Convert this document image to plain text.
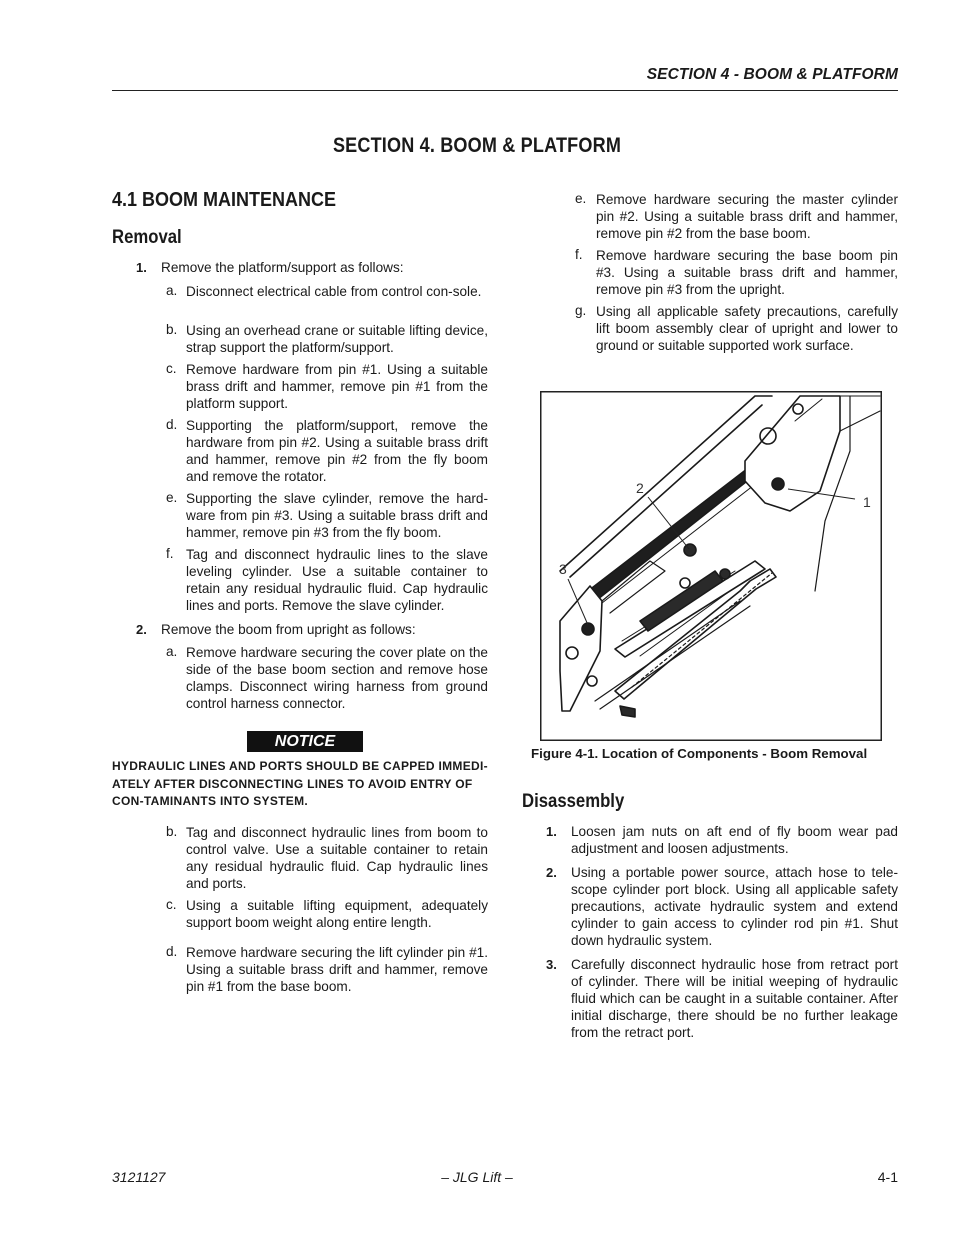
SECTION 4 - BOOM & PLATFORM
SECTION 4. BOOM & PLATFORM
4.1 BOOM MAINTENANCE
Removal
1. Remove the platform/support as follows:
a. Disconnect electrical cable from control con-sole.
b. Using an overhead crane or suitable lifting device, strap support the platform/support.
c. Remove hardware from pin #1. Using a suitable brass drift and hammer, remove pin #1 from the platform support.
d. Supporting the platform/support, remove the hardware from pin #2. Using a suitable brass drift and hammer, remove pin #2 from the fly boom and remove the rotator.
e. Supporting the slave cylinder, remove the hard-ware from pin #3. Using a suitable brass drift and hammer, remove pin #3 from the fly boom.
f. Tag and disconnect hydraulic lines to the slave leveling cylinder. Use a suitable container to retain any residual hydraulic fluid. Cap hydraulic lines and ports. Remove the slave cylinder.
2. Remove the boom from upright as follows:
a. Remove hardware securing the cover plate on the side of the base boom section and remove hose clamps. Disconnect wiring harness from ground control harness connector.
NOTICE
HYDRAULIC LINES AND PORTS SHOULD BE CAPPED IMMEDI-ATELY AFTER DISCONNECTING LINES TO AVOID ENTRY OF CON-TAMINANTS INTO SYSTEM.
b. Tag and disconnect hydraulic lines from boom to control valve. Use a suitable container to retain any residual hydraulic fluid. Cap hydraulic lines and ports.
c. Using a suitable lifting equipment, adequately support boom weight along entire length.
d. Remove hardware securing the lift cylinder pin #1. Using a suitable brass drift and hammer, remove pin #1 from the base boom.
e. Remove hardware securing the master cylinder pin #2. Using a suitable brass drift and hammer, remove pin #2 from the base boom.
f. Remove hardware securing the base boom pin #3. Using a suitable brass drift and hammer, remove pin #3 from the upright.
g. Using all applicable safety precautions, carefully lift boom assembly clear of upright and lower to ground or suitable supported work surface.
1
2
3
Figure 4-1. Location of Components - Boom Removal
Disassembly
1. Loosen jam nuts on aft end of fly boom wear pad adjustment and loosen adjustments.
2. Using a portable power source, attach hose to tele-scope cylinder port block. Using all applicable safety precautions, activate hydraulic system and extend cylinder to gain access to cylinder rod pin #1. Shut down hydraulic system.
3. Carefully disconnect hydraulic hose from retract port of cylinder. There will be initial weeping of hydraulic fluid which can be caught in a suitable container. After initial discharge, there should be no further leakage from the retract port.
3121127	– JLG Lift –	4-1
